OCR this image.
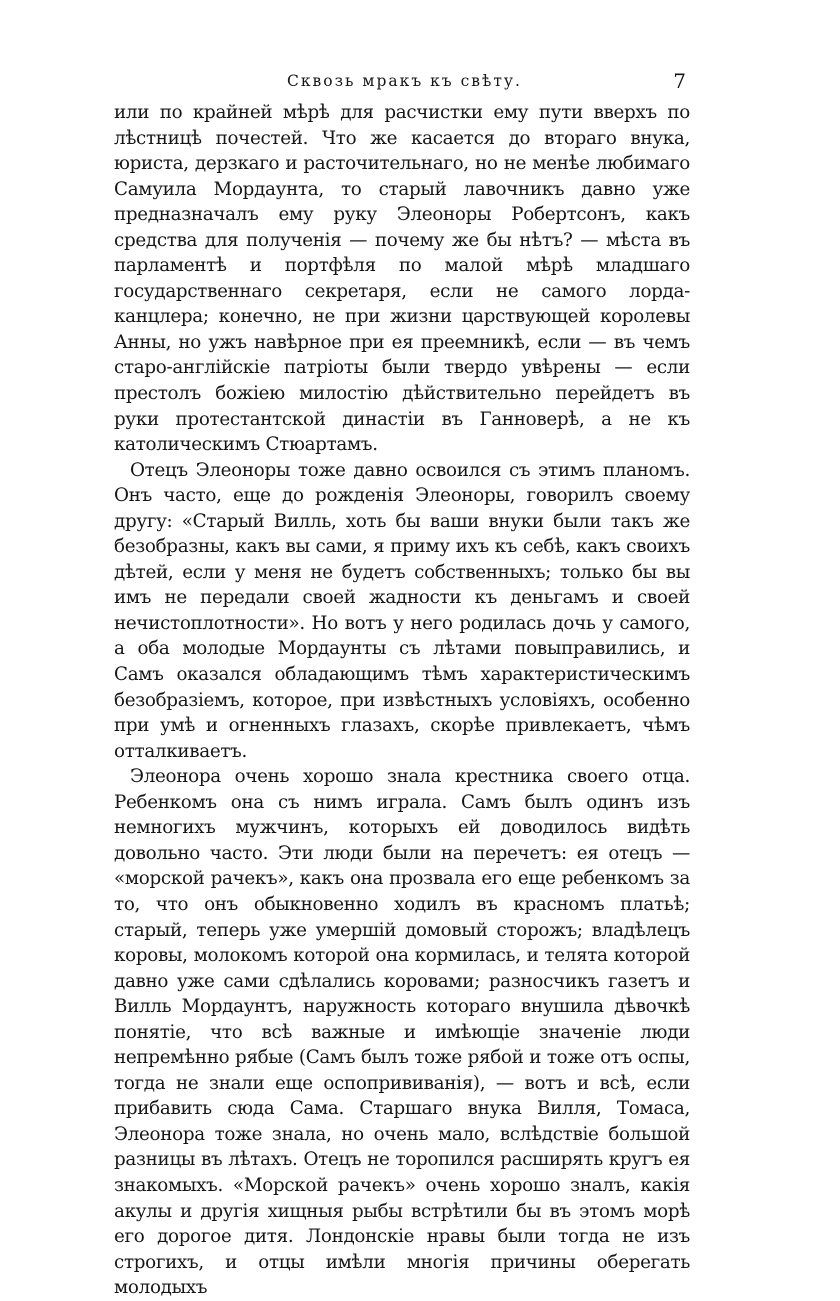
Сквозь мракъ къ свѣту.	7

или по крайней мѣрѣ для расчистки ему пути вверхъ по лѣстницѣ почестей. Что же касается до втораго внука, юриста, дерзкаго и расточительнаго, но не менѣе любимаго Самуила Мордаунта, то старый лавочникъ давно уже предназначалъ ему руку Элеоноры Робертсонъ, какъ средства для полученія — почему же бы нѣтъ? — мѣста въ парламентѣ и портфѣля по малой мѣрѣ младшаго государственнаго секретаря, если не самого лорда-канцлера; конечно, не при жизни царствующей королевы Анны, но ужъ навѣрное при ея преемникѣ, если — въ чемъ старо-англійскіе патріоты были твердо увѣрены — если престолъ божіею милостію дѣйствительно перейдетъ въ руки протестантской династіи въ Ганноверѣ, а не къ католическимъ Стюартамъ.

Отецъ Элеоноры тоже давно освоился съ этимъ планомъ. Онъ часто, еще до рожденія Элеоноры, говорилъ своему другу: «Старый Вилль, хоть бы ваши внуки были такъ же безобразны, какъ вы сами, я приму ихъ къ себѣ, какъ своихъ дѣтей, если у меня не будетъ собственныхъ; только бы вы имъ не передали своей жадности къ деньгамъ и своей нечистоплотности». Но вотъ у него родилась дочь у самого, а оба молодые Мордаунты съ лѣтами повыправились, и Самъ оказался обладающимъ тѣмъ характеристическимъ безобразіемъ, которое, при извѣстныхъ условіяхъ, особенно при умѣ и огненныхъ глазахъ, скорѣе привлекаетъ, чѣмъ отталкиваетъ.

Элеонора очень хорошо знала крестника своего отца. Ребенкомъ она съ нимъ играла. Самъ былъ одинъ изъ немногихъ мужчинъ, которыхъ ей доводилось видѣть довольно часто. Эти люди были на перечетъ: ея отецъ — «морской рачекъ», какъ она прозвала его еще ребенкомъ за то, что онъ обыкновенно ходилъ въ красномъ платьѣ; старый, теперь уже умершій домовый сторожъ; владѣлецъ коровы, молокомъ которой она кормилась, и телята которой давно уже сами сдѣлались коровами; разносчикъ газетъ и Вилль Мордаунтъ, наружность котораго внушила дѣвочкѣ понятіе, что всѣ важные и имѣющіе значеніе люди непремѣнно рябые (Самъ былъ тоже рябой и тоже отъ оспы, тогда не знали еще оспопрививанія), — вотъ и всѣ, если прибавить сюда Сама. Старшаго внука Вилля, Томаса, Элеонора тоже знала, но очень мало, вслѣдствіе большой разницы въ лѣтахъ. Отецъ не торопился расширять кругъ ея знакомыхъ. «Морской рачекъ» очень хорошо зналъ, какія акулы и другія хищныя рыбы встрѣтили бы въ этомъ морѣ его дорогое дитя. Лондонскіе нравы были тогда не изъ строгихъ, и отцы имѣли многія причины оберегать молодыхъ
